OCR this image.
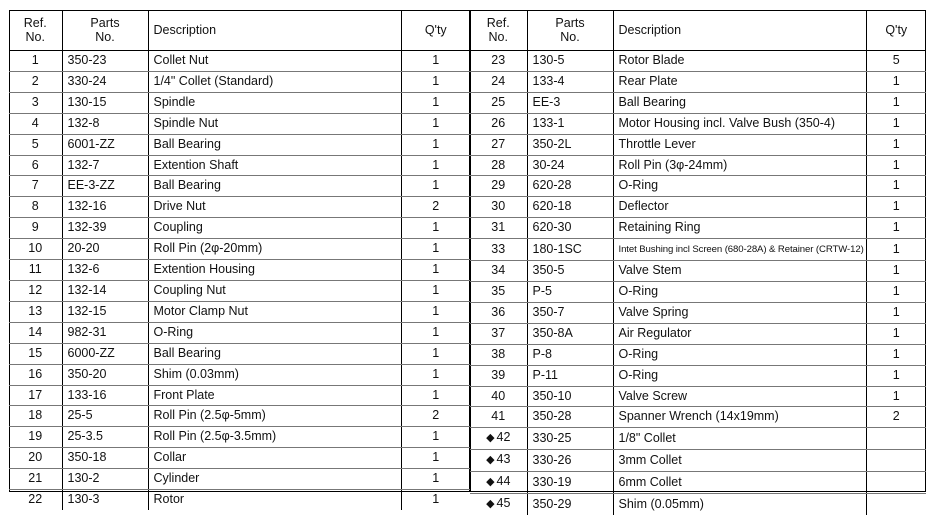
Ref.
No.	Parts
No.	Description	Q'ty
1	350-23	Collet Nut	1
2	330-24	1/4" Collet (Standard)	1
3	130-15	Spindle	1
4	132-8	Spindle Nut	1
5	6001-ZZ	Ball Bearing	1
6	132-7	Extention Shaft	1
7	EE-3-ZZ	Ball Bearing	1
8	132-16	Drive Nut	2
9	132-39	Coupling	1
10	20-20	Roll Pin (2φ-20mm)	1
11	132-6	Extention Housing	1
12	132-14	Coupling Nut	1
13	132-15	Motor Clamp Nut	1
14	982-31	O-Ring	1
15	6000-ZZ	Ball Bearing	1
16	350-20	Shim (0.03mm)	1
17	133-16	Front Plate	1
18	25-5	Roll Pin (2.5φ-5mm)	2
19	25-3.5	Roll Pin (2.5φ-3.5mm)	1
20	350-18	Collar	1
21	130-2	Cylinder	1
22	130-3	Rotor	1
Ref.
No.	Parts
No.	Description	Q'ty
23	130-5	Rotor Blade	5
24	133-4	Rear Plate	1
25	EE-3	Ball Bearing	1
26	133-1	Motor Housing incl. Valve Bush (350-4)	1
27	350-2L	Throttle Lever	1
28	30-24	Roll Pin (3φ-24mm)	1
29	620-28	O-Ring	1
30	620-18	Deflector	1
31	620-30	Retaining Ring	1
33	180-1SC	Intet Bushing incl Screen (680-28A) & Retainer (CRTW-12)	1
34	350-5	Valve Stem	1
35	P-5	O-Ring	1
36	350-7	Valve Spring	1
37	350-8A	Air Regulator	1
38	P-8	O-Ring	1
39	P-11	O-Ring	1
40	350-10	Valve Screw	1
41	350-28	Spanner Wrench (14x19mm)	2
◆ 42	330-25	1/8" Collet	
◆ 43	330-26	3mm Collet	
◆ 44	330-19	6mm Collet	
◆ 45	350-29	Shim (0.05mm)	
